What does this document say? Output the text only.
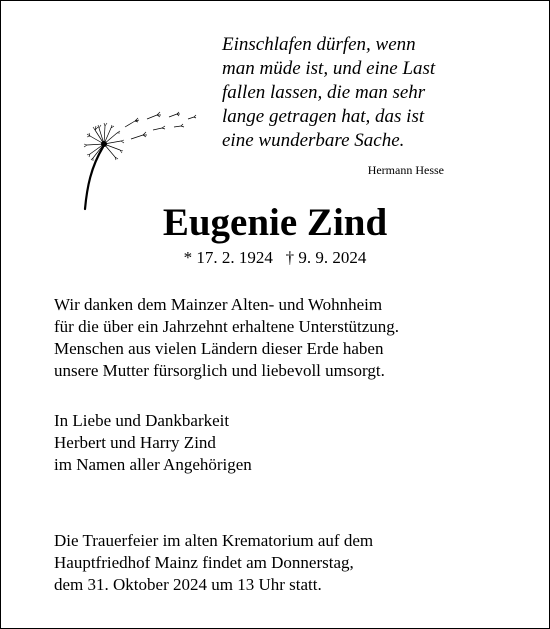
Einschlafen dürfen, wenn
man müde ist, und eine Last
fallen lassen, die man sehr
lange getragen hat, das ist
eine wunderbare Sache.
Hermann Hesse
Eugenie Zind
* 17. 2. 1924   † 9. 9. 2024
Wir danken dem Mainzer Alten- und Wohnheim
für die über ein Jahrzehnt erhaltene Unterstützung.
Menschen aus vielen Ländern dieser Erde haben
unsere Mutter fürsorglich und liebevoll umsorgt.
In Liebe und Dankbarkeit
Herbert und Harry Zind
im Namen aller Angehörigen
Die Trauerfeier im alten Krematorium auf dem
Hauptfriedhof Mainz findet am Donnerstag,
dem 31. Oktober 2024 um 13 Uhr statt.
